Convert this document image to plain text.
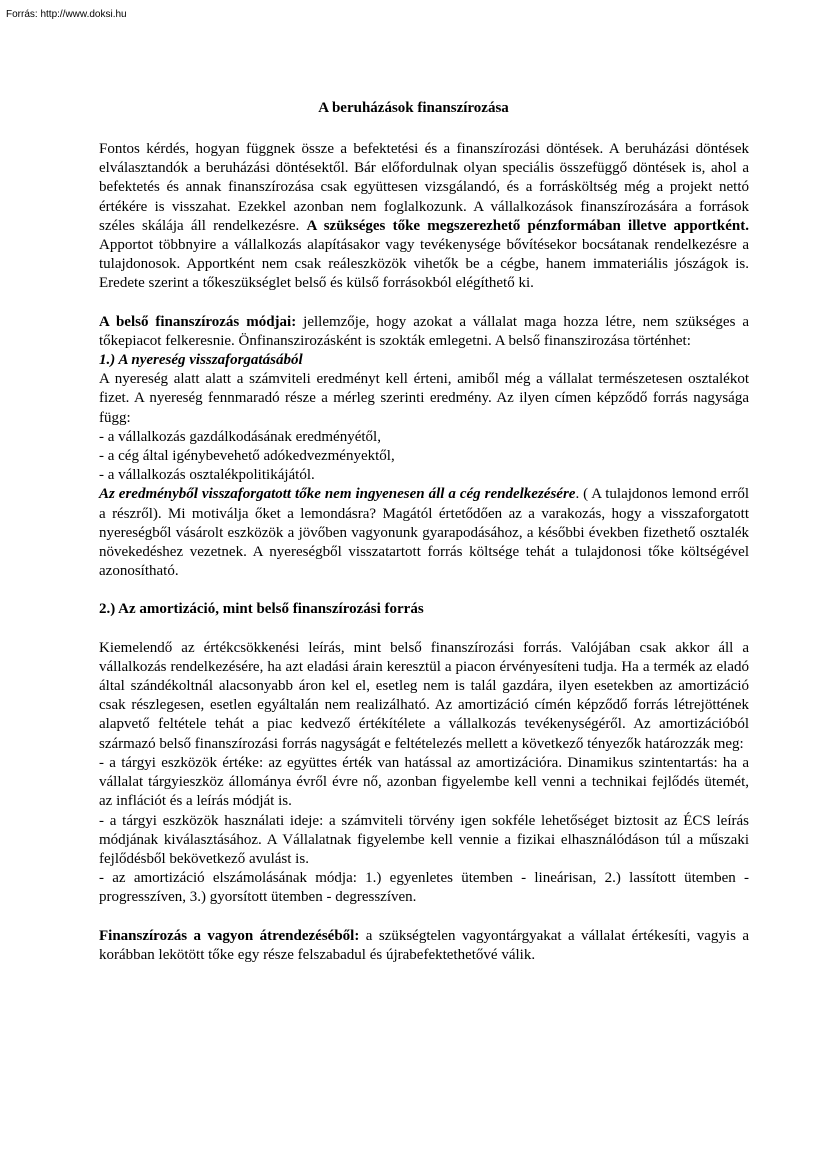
Forrás: http://www.doksi.hu
A beruházások finanszírozása

Fontos kérdés, hogyan függnek össze a befektetési és a finanszírozási döntések. A beruházási döntések elválasztandók a beruházási döntésektől. Bár előfordulnak olyan speciális összefüggő döntések is, ahol a befektetés és annak finanszírozása csak együttesen vizsgálandó, és a forrásköltség még a projekt nettó értékére is visszahat. Ezekkel azonban nem foglalkozunk. A vállalkozások finanszírozására a források széles skálája áll rendelkezésre. A szükséges tőke megszerezhető pénzformában illetve apportként. Apportot többnyire a vállalkozás alapításakor vagy tevékenysége bővítésekor bocsátanak rendelkezésre a tulajdonosok. Apportként nem csak reáleszközök vihetők be a cégbe, hanem immateriális jószágok is. Eredete szerint a tőkeszükséglet belső és külső forrásokból elégíthető ki.

A belső finanszírozás módjai: jellemzője, hogy azokat a vállalat maga hozza létre, nem szükséges a tőkepiacot felkeresnie. Önfinanszirozásként is szokták emlegetni. A belső finanszirozása történhet:

1.) A nyereség visszaforgatásából

A nyereség alatt alatt a számviteli eredményt kell érteni, amiből még a vállalat természetesen osztalékot fizet. A nyereség fennmaradó része a mérleg szerinti eredmény. Az ilyen címen képződő forrás nagysága függ:

- a vállalkozás gazdálkodásának eredményétől,

- a cég által igénybevehető adókedvezményektől,

- a vállalkozás osztalékpolitikájától.

Az eredményből visszaforgatott tőke nem ingyenesen áll a cég rendelkezésére. ( A tulajdonos lemond erről a részről). Mi motiválja őket a lemondásra? Magától értetődően az a varakozás, hogy a visszaforgatott nyereségből vásárolt eszközök a jövőben vagyonunk gyarapodásához, a későbbi években fizethető osztalék növekedéshez vezetnek. A nyereségből visszatartott forrás költsége tehát a tulajdonosi tőke költségével azonosítható.

2.) Az amortizáció, mint belső finanszírozási forrás

Kiemelendő az értékcsökkenési leírás, mint belső finanszírozási forrás. Valójában csak akkor áll a vállalkozás rendelkezésére, ha azt eladási árain keresztül a piacon érvényesíteni tudja. Ha a termék az eladó által szándékoltnál alacsonyabb áron kel el, esetleg nem is talál gazdára, ilyen esetekben az amortizáció csak részlegesen, esetlen egyáltalán nem realizálható. Az amortizáció címén képződő forrás létrejöttének alapvető feltétele tehát a piac kedvező értékítélete a vállalkozás tevékenységéről. Az amortizációból származó belső finanszírozási forrás nagyságát e feltételezés mellett a következő tényezők határozzák meg:

- a tárgyi eszközök értéke: az együttes érték van hatással az amortizációra. Dinamikus szintentartás: ha a vállalat tárgyieszköz állománya évről évre nő, azonban figyelembe kell venni a technikai fejlődés ütemét, az inflációt és a leírás módját is.

- a tárgyi eszközök használati ideje: a számviteli törvény igen sokféle lehetőséget biztosit az ÉCS leírás módjának kiválasztásához. A Vállalatnak figyelembe kell vennie a fizikai elhasználódáson túl a műszaki fejlődésből bekövetkező avulást is.

- az amortizáció elszámolásának módja: 1.) egyenletes ütemben - lineárisan, 2.) lassított ütemben - progresszíven, 3.) gyorsított ütemben - degresszíven.

Finanszírozás a vagyon átrendezéséből: a szükségtelen vagyontárgyakat a vállalat értékesíti, vagyis a korábban lekötött tőke egy része felszabadul és újrabefektethetővé válik.
